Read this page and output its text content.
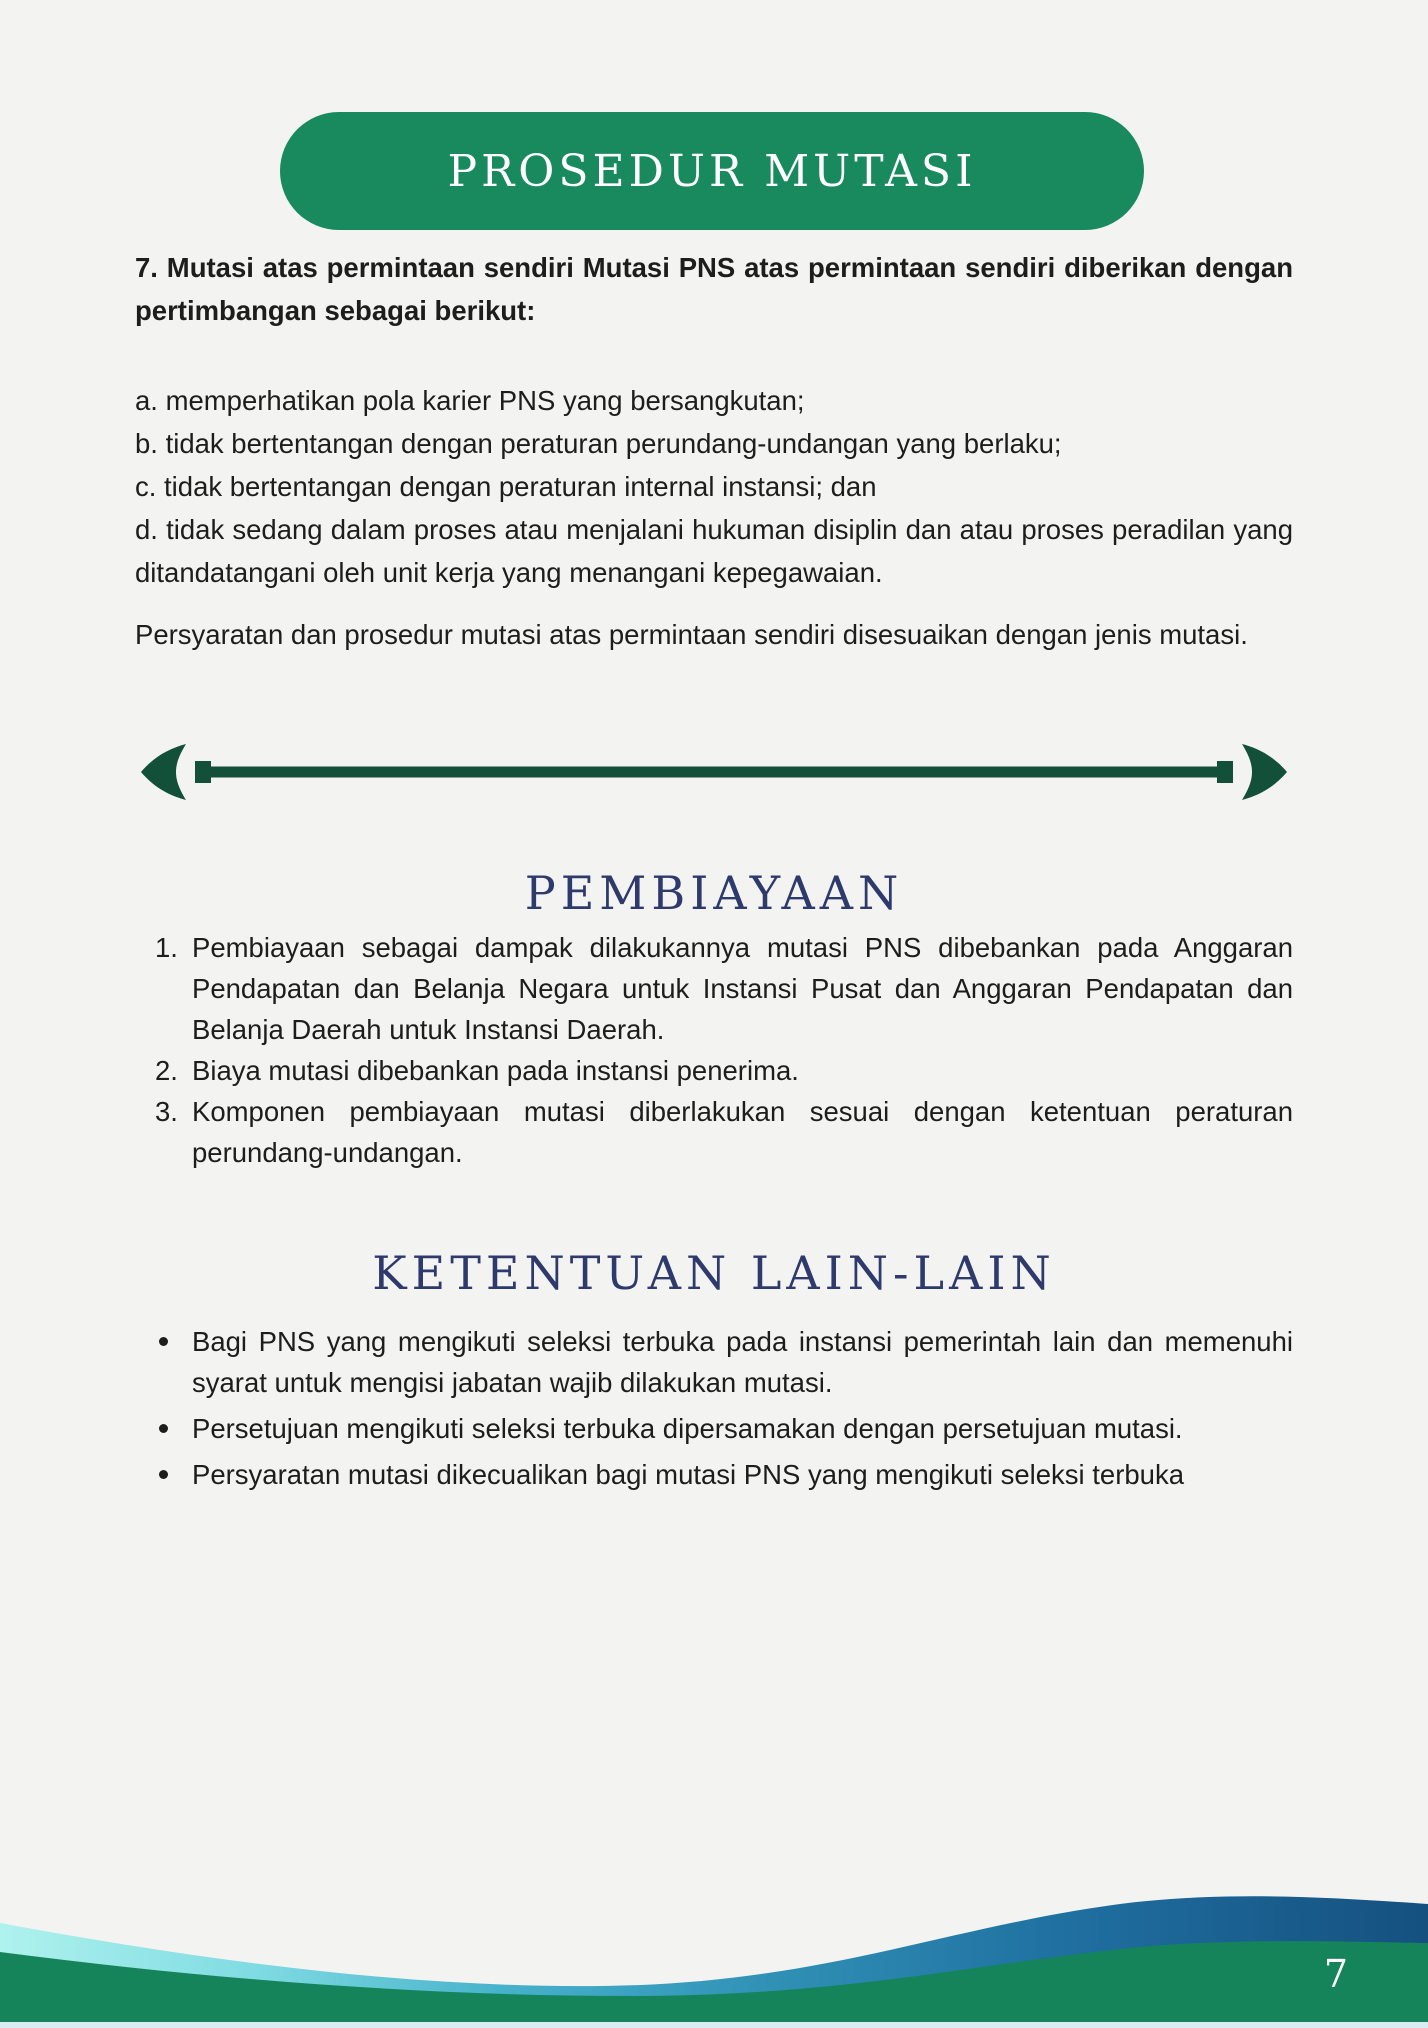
PROSEDUR MUTASI

7. Mutasi atas permintaan sendiri Mutasi PNS atas permintaan sendiri diberikan dengan pertimbangan sebagai berikut:

a. memperhatikan pola karier PNS yang bersangkutan;

b. tidak bertentangan dengan peraturan perundang-undangan yang berlaku;

c. tidak bertentangan dengan peraturan internal instansi; dan

d. tidak sedang dalam proses atau menjalani hukuman disiplin dan atau proses peradilan yang ditandatangani oleh unit kerja yang menangani kepegawaian.

Persyaratan dan prosedur mutasi atas permintaan sendiri disesuaikan dengan jenis mutasi.

PEMBIAYAAN
Pembiayaan sebagai dampak dilakukannya mutasi PNS dibebankan pada Anggaran Pendapatan dan Belanja Negara untuk Instansi Pusat dan Anggaran Pendapatan dan Belanja Daerah untuk Instansi Daerah.
Biaya mutasi dibebankan pada instansi penerima.
Komponen pembiayaan mutasi diberlakukan sesuai dengan ketentuan peraturan perundang-undangan.
KETENTUAN LAIN-LAIN
Bagi PNS yang mengikuti seleksi terbuka pada instansi pemerintah lain dan memenuhi syarat untuk mengisi jabatan wajib dilakukan mutasi.
Persetujuan mengikuti seleksi terbuka dipersamakan dengan persetujuan mutasi.
Persyaratan mutasi dikecualikan bagi mutasi PNS yang mengikuti seleksi terbuka
7
